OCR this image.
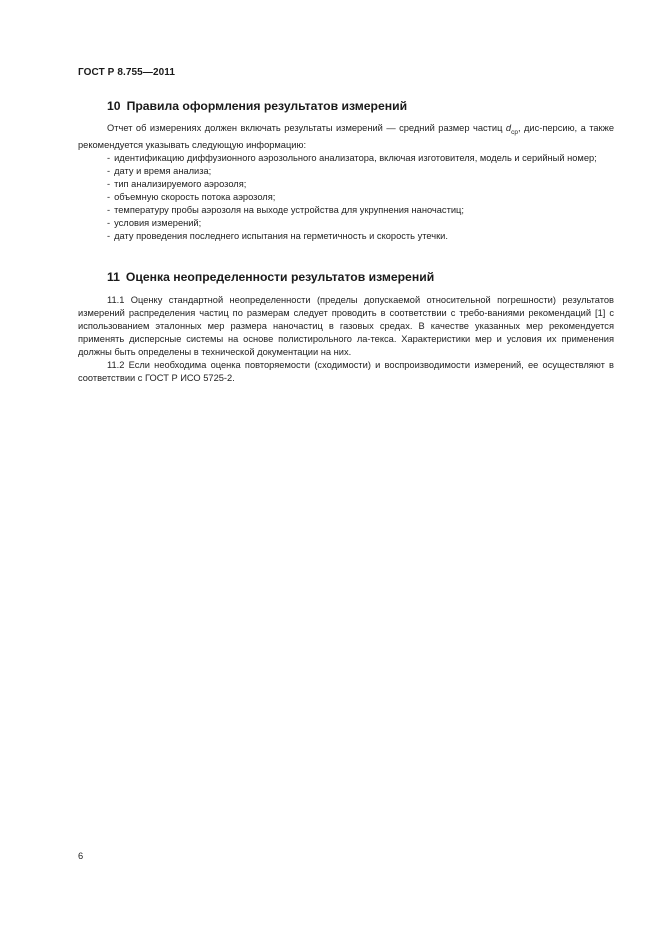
ГОСТ Р 8.755—2011
10 Правила оформления результатов измерений

Отчет об измерениях должен включать результаты измерений — средний размер частиц $d_{ср}$, дис-персию, а также рекомендуется указывать следующую информацию:

- идентификацию диффузионного аэрозольного анализатора, включая изготовителя, модель и серийный номер;
- дату и время анализа;
- тип анализируемого аэрозоля;
- объемную скорость потока аэрозоля;
- температуру пробы аэрозоля на выходе устройства для укрупнения наночастиц;
- условия измерений;
- дату проведения последнего испытания на герметичность и скорость утечки.
11 Оценка неопределенности результатов измерений

11.1 Оценку стандартной неопределенности (пределы допускаемой относительной погрешности) результатов измерений распределения частиц по размерам следует проводить в соответствии с требо-ваниями рекомендаций [1] с использованием эталонных мер размера наночастиц в газовых средах. В качестве указанных мер рекомендуется применять дисперсные системы на основе полистирольного ла-текса. Характеристики мер и условия их применения должны быть определены в технической документации на них.

11.2 Если необходима оценка повторяемости (сходимости) и воспроизводимости измерений, ее осуществляют в соответствии с ГОСТ Р ИСО 5725-2.

6
